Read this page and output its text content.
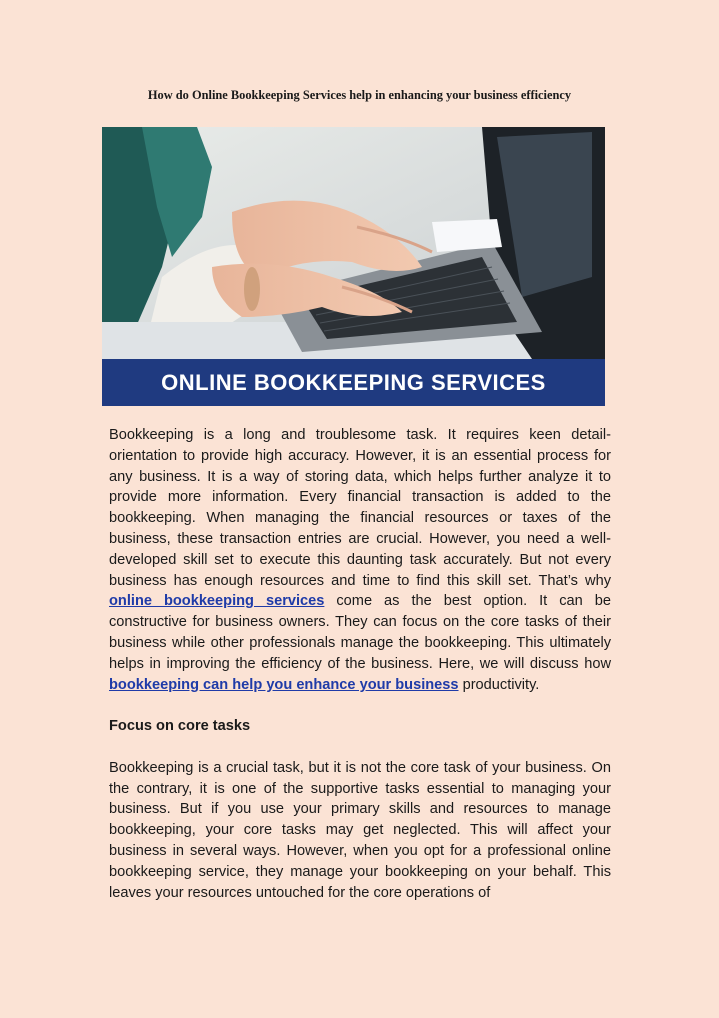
How do Online Bookkeeping Services help in enhancing your business efficiency
ONLINE BOOKKEEPING SERVICES

Bookkeeping is a long and troublesome task. It requires keen detail-orientation to provide high accuracy. However, it is an essential process for any business. It is a way of storing data, which helps further analyze it to provide more information. Every financial transaction is added to the bookkeeping. When managing the financial resources or taxes of the business, these transaction entries are crucial. However, you need a well-developed skill set to execute this daunting task accurately. But not every business has enough resources and time to find this skill set. That’s why online bookkeeping services come as the best option. It can be constructive for business owners. They can focus on the core tasks of their business while other professionals manage the bookkeeping. This ultimately helps in improving the efficiency of the business. Here, we will discuss how bookkeeping can help you enhance your business productivity.

Focus on core tasks

Bookkeeping is a crucial task, but it is not the core task of your business. On the contrary, it is one of the supportive tasks essential to managing your business. But if you use your primary skills and resources to manage bookkeeping, your core tasks may get neglected. This will affect your business in several ways. However, when you opt for a professional online bookkeeping service, they manage your bookkeeping on your behalf. This leaves your resources untouched for the core operations of
